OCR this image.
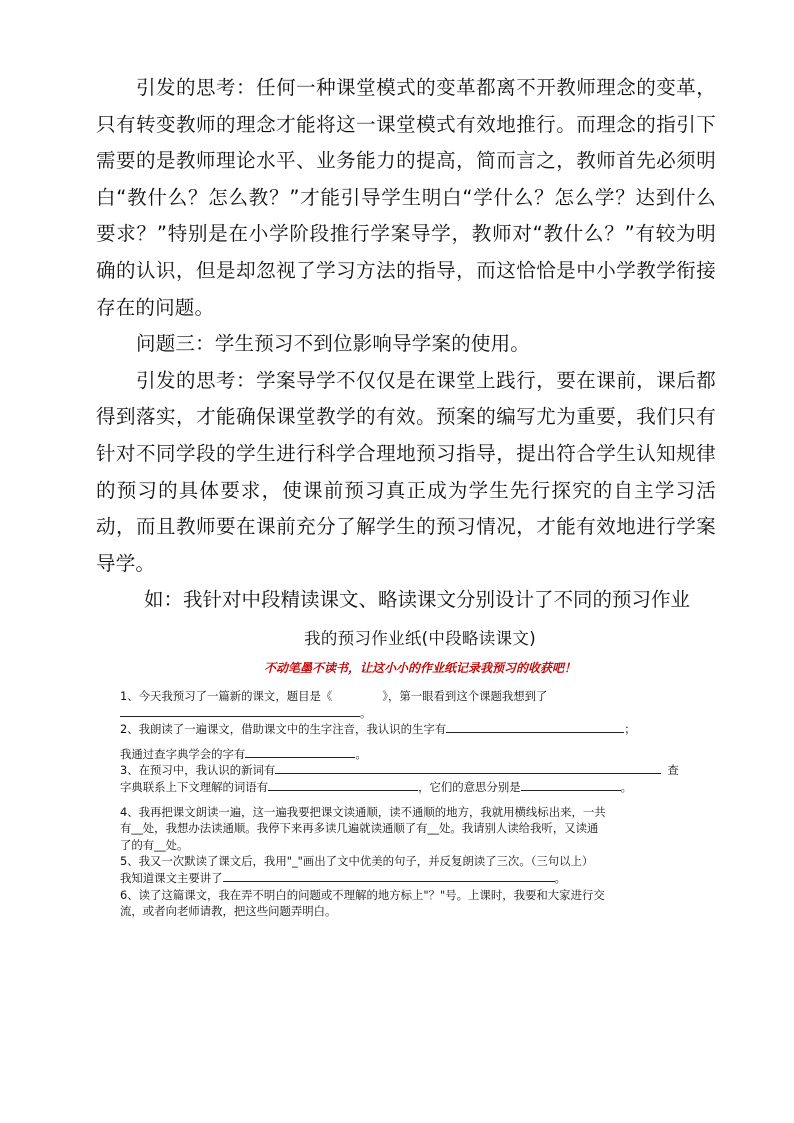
引发的思考：任何一种课堂模式的变革都离不开教师理念的变革，只有转变教师的理念才能将这一课堂模式有效地推行。而理念的指引下需要的是教师理论水平、业务能力的提高，简而言之，教师首先必须明白“教什么？怎么教？”才能引导学生明白“学什么？怎么学？达到什么要求？”特别是在小学阶段推行学案导学，教师对“教什么？”有较为明确的认识，但是却忽视了学习方法的指导，而这恰恰是中小学教学衔接存在的问题。

问题三：学生预习不到位影响导学案的使用。

引发的思考：学案导学不仅仅是在课堂上践行，要在课前，课后都得到落实，才能确保课堂教学的有效。预案的编写尤为重要，我们只有针对不同学段的学生进行科学合理地预习指导，提出符合学生认知规律的预习的具体要求，使课前预习真正成为学生先行探究的自主学习活动，而且教师要在课前充分了解学生的预习情况，才能有效地进行学案导学。

如：我针对中段精读课文、略读课文分别设计了不同的预习作业

我的预习作业纸(中段略读课文)

不动笔墨不读书，让这小小的作业纸记录我预习的收获吧！

1、今天我预习了一篇新的课文，题目是《	》，第一眼看到这个课题我想到了

。

2、我朗读了一遍课文，借助课文中的生字注音，我认识的生字有	；

我通过查字典学会的字有	。

3、在预习中，我认识的新词有	查

字典联系上下文理解的词语有	，它们的意思分别是	。

4、我再把课文朗读一遍，这一遍我要把课文读通顺，读不通顺的地方，我就用横线标出来，一共

有__处，我想办法读通顺。我停下来再多读几遍就读通顺了有__处。我请别人读给我听，又读通

了的有__处。

5、我又一次默读了课文后，我用"_"画出了文中优美的句子，并反复朗读了三次。（三句以上）

我知道课文主要讲了	。

6、读了这篇课文，我在弄不明白的问题或不理解的地方标上"？"号。上课时，我要和大家进行交

流，或者向老师请教，把这些问题弄明白。
